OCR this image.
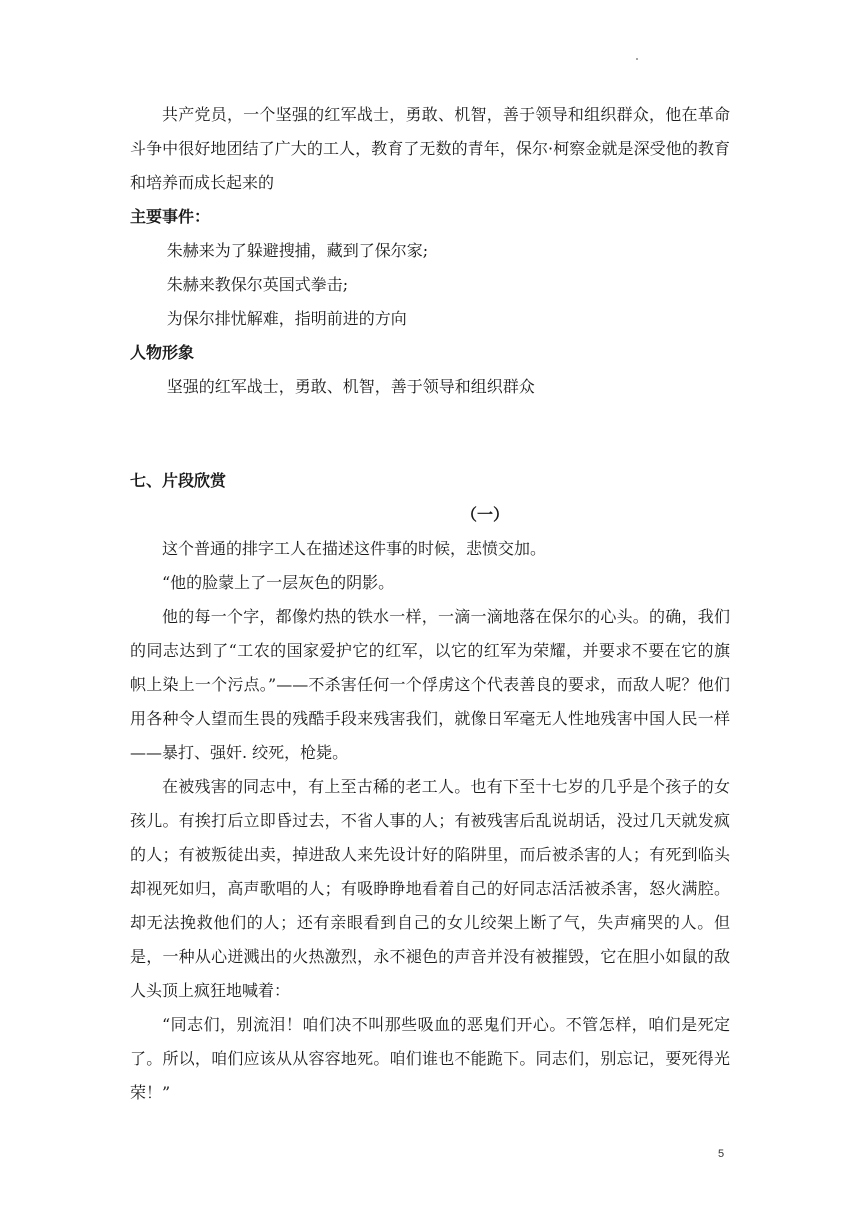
共产党员，一个坚强的红军战士，勇敢、机智，善于领导和组织群众，他在革命斗争中很好地团结了广大的工人，教育了无数的青年，保尔·柯察金就是深受他的教育和培养而成长起来的

主要事件：

朱赫来为了躲避搜捕，藏到了保尔家;

朱赫来教保尔英国式拳击;

为保尔排忧解难，指明前进的方向

人物形象

坚强的红军战士，勇敢、机智，善于领导和组织群众

七、片段欣赏

（一）

这个普通的排字工人在描述这件事的时候，悲愤交加。

“他的脸蒙上了一层灰色的阴影。

他的每一个字，都像灼热的铁水一样，一滴一滴地落在保尔的心头。的确，我们的同志达到了“工农的国家爱护它的红军，以它的红军为荣耀，并要求不要在它的旗帜上染上一个污点。”——不杀害任何一个俘虏这个代表善良的要求，而敌人呢？他们用各种令人望而生畏的残酷手段来残害我们，就像日军毫无人性地残害中国人民一样——暴打、强奸. 绞死，枪毙。

在被残害的同志中，有上至古稀的老工人。也有下至十七岁的几乎是个孩子的女孩儿。有挨打后立即昏过去，不省人事的人；有被残害后乱说胡话，没过几天就发疯的人；有被叛徒出卖，掉进敌人来先设计好的陷阱里，而后被杀害的人；有死到临头却视死如归，高声歌唱的人；有吸睁睁地看着自己的好同志活活被杀害，怒火满腔。却无法挽救他们的人；还有亲眼看到自己的女儿绞架上断了气，失声痛哭的人。但是，一种从心迸溅出的火热激烈，永不褪色的声音并没有被摧毁，它在胆小如鼠的敌人头顶上疯狂地喊着：

“同志们，别流泪！咱们决不叫那些吸血的恶鬼们开心。不管怎样，咱们是死定了。所以，咱们应该从从容容地死。咱们谁也不能跪下。同志们，别忘记，要死得光荣！”

5
